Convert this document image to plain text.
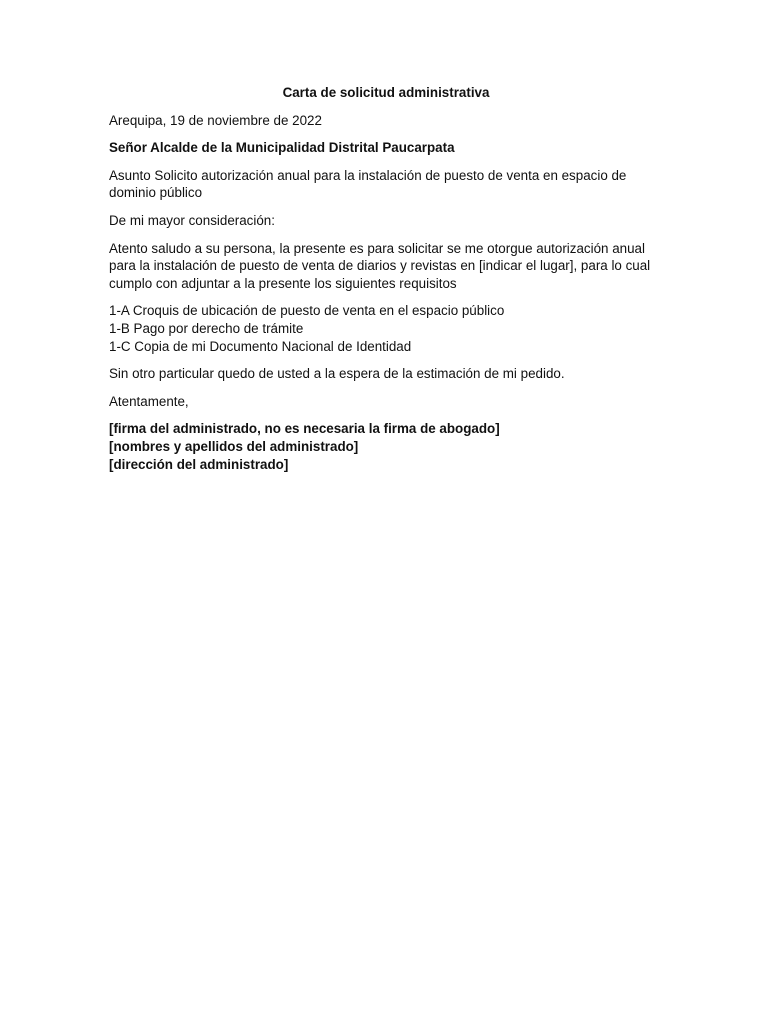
Carta de solicitud administrativa

Arequipa, 19 de noviembre de 2022

Señor Alcalde de la Municipalidad Distrital Paucarpata

Asunto Solicito autorización anual para la instalación de puesto de venta en espacio de dominio público

De mi mayor consideración:

Atento saludo a su persona, la presente es para solicitar se me otorgue autorización anual para la instalación de puesto de venta de diarios y revistas en [indicar el lugar], para lo cual cumplo con adjuntar a la presente los siguientes requisitos

1-A Croquis de ubicación de puesto de venta en el espacio público
1-B Pago por derecho de trámite
1-C Copia de mi Documento Nacional de Identidad

Sin otro particular quedo de usted a la espera de la estimación de mi pedido.

Atentamente,

[firma del administrado, no es necesaria la firma de abogado]
[nombres y apellidos del administrado]
[dirección del administrado]
